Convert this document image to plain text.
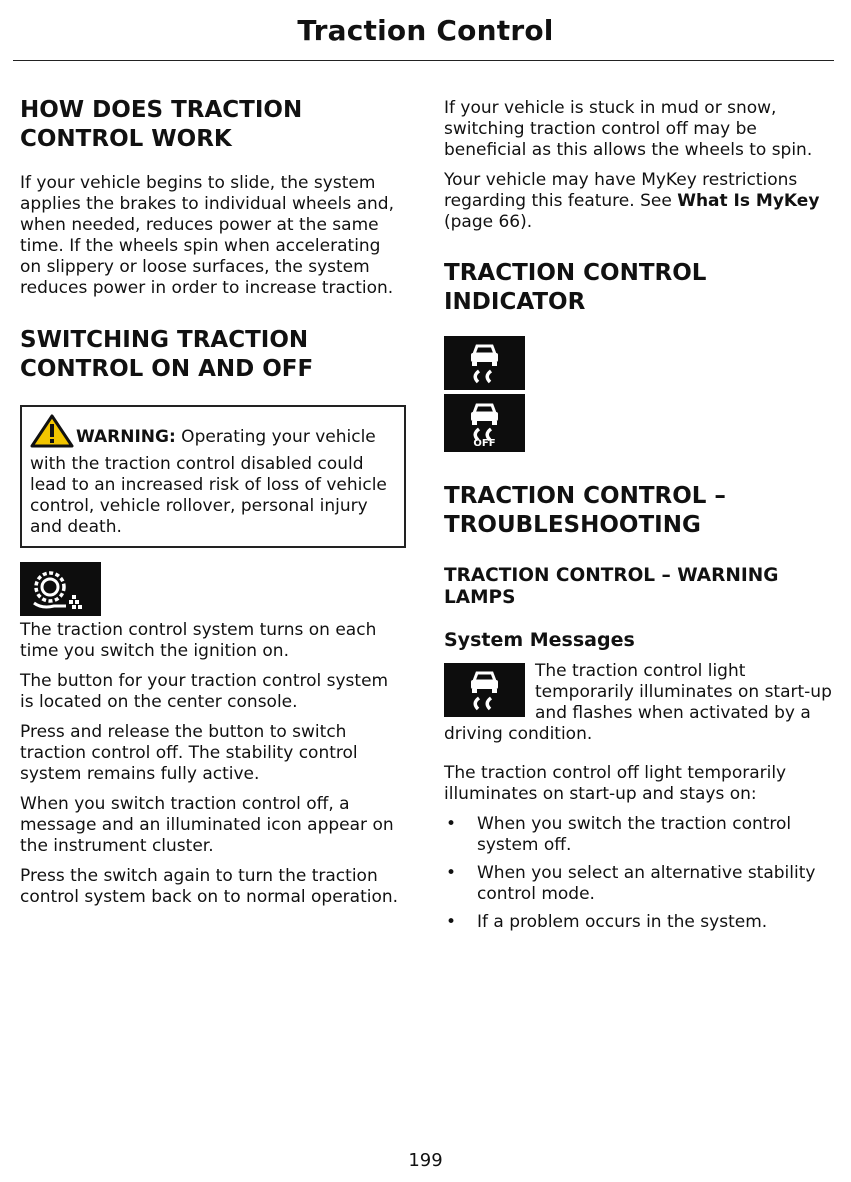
Traction Control
HOW DOES TRACTION CONTROL WORK

If your vehicle begins to slide, the system applies the brakes to individual wheels and, when needed, reduces power at the same time. If the wheels spin when accelerating on slippery or loose surfaces, the system reduces power in order to increase traction.

SWITCHING TRACTION CONTROL ON AND OFF
WARNING: Operating your vehicle with the traction control disabled could lead to an increased risk of loss of vehicle control, vehicle rollover, personal injury and death.

The traction control system turns on each time you switch the ignition on.

The button for your traction control system is located on the center console.

Press and release the button to switch traction control off. The stability control system remains fully active.

When you switch traction control off, a message and an illuminated icon appear on the instrument cluster.

Press the switch again to turn the traction control system back on to normal operation.

If your vehicle is stuck in mud or snow, switching traction control off may be beneficial as this allows the wheels to spin.

Your vehicle may have MyKey restrictions regarding this feature. See What Is MyKey (page 66).

TRACTION CONTROL INDICATOR
OFF
TRACTION CONTROL – TROUBLESHOOTING
TRACTION CONTROL – WARNING LAMPS
System Messages

The traction control light temporarily illuminates on start-up and flashes when activated by a driving condition.

The traction control off light temporarily illuminates on start-up and stays on:

• When you switch the traction control system off.
• When you select an alternative stability control mode.
• If a problem occurs in the system.
199
